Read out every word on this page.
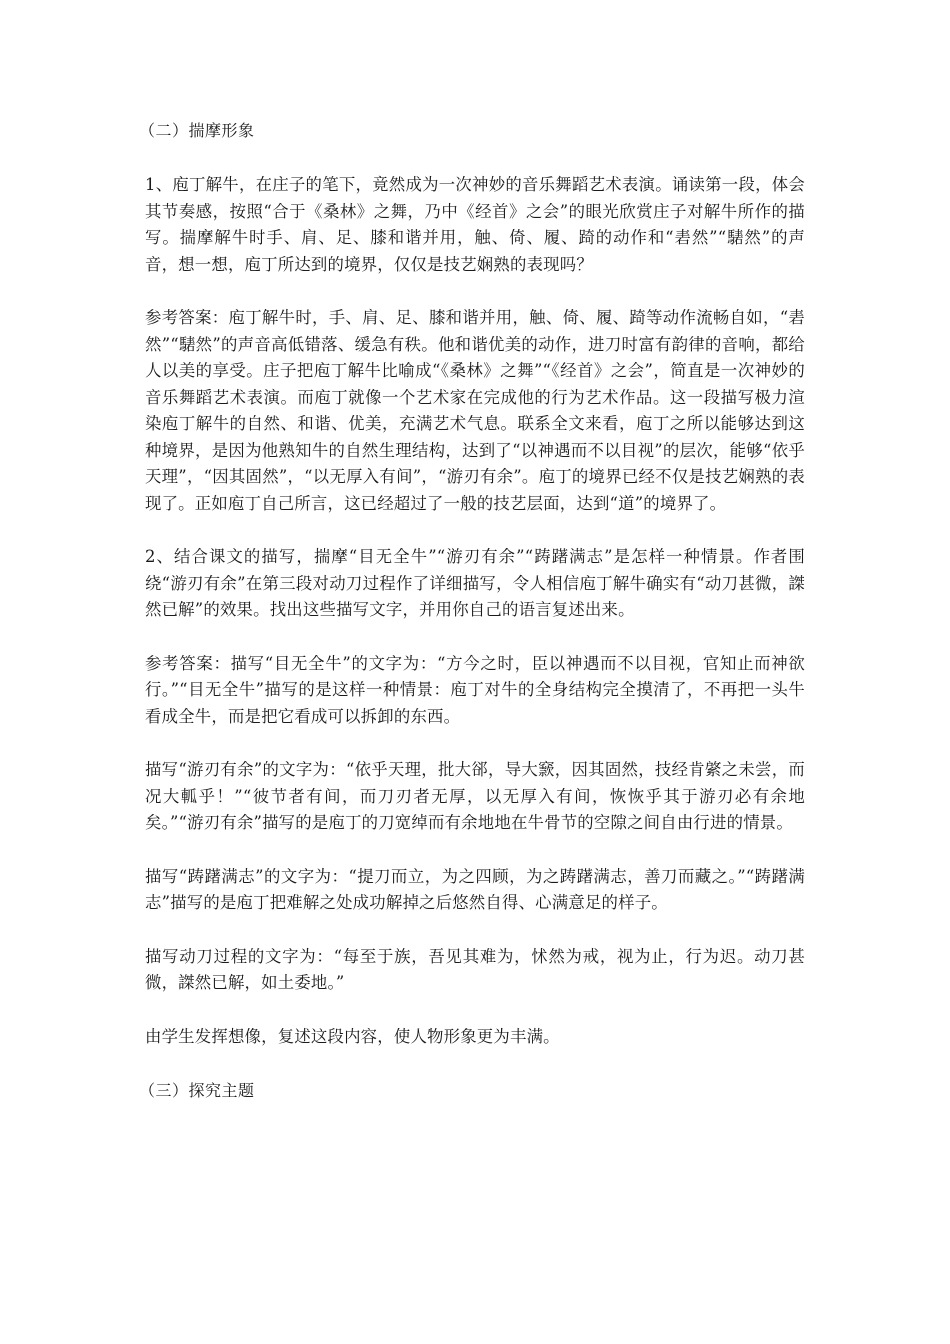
（二）揣摩形象

1、庖丁解牛，在庄子的笔下，竟然成为一次神妙的音乐舞蹈艺术表演。诵读第一段，体会其节奏感，按照“合于《桑林》之舞，乃中《经首》之会”的眼光欣赏庄子对解牛所作的描写。揣摩解牛时手、肩、足、膝和谐并用，触、倚、履、踦的动作和“砉然”“騞然”的声音，想一想，庖丁所达到的境界，仅仅是技艺娴熟的表现吗？

参考答案：庖丁解牛时，手、肩、足、膝和谐并用，触、倚、履、踦等动作流畅自如，“砉然”“騞然”的声音高低错落、缓急有秩。他和谐优美的动作，进刀时富有韵律的音响，都给人以美的享受。庄子把庖丁解牛比喻成“《桑林》之舞”“《经首》之会”，简直是一次神妙的音乐舞蹈艺术表演。而庖丁就像一个艺术家在完成他的行为艺术作品。这一段描写极力渲染庖丁解牛的自然、和谐、优美，充满艺术气息。联系全文来看，庖丁之所以能够达到这种境界，是因为他熟知牛的自然生理结构，达到了“以神遇而不以目视”的层次，能够“依乎天理”，“因其固然”，“以无厚入有间”，“游刃有余”。庖丁的境界已经不仅是技艺娴熟的表现了。正如庖丁自己所言，这已经超过了一般的技艺层面，达到“道”的境界了。

2、结合课文的描写，揣摩“目无全牛”“游刃有余”“踌躇满志”是怎样一种情景。作者围绕“游刃有余”在第三段对动刀过程作了详细描写，令人相信庖丁解牛确实有“动刀甚微，謋然已解”的效果。找出这些描写文字，并用你自己的语言复述出来。

参考答案：描写“目无全牛”的文字为：“方今之时，臣以神遇而不以目视，官知止而神欲行。”“目无全牛”描写的是这样一种情景：庖丁对牛的全身结构完全摸清了，不再把一头牛看成全牛，而是把它看成可以拆卸的东西。

描写“游刃有余”的文字为：“依乎天理，批大郤，导大窾，因其固然，技经肯綮之未尝，而况大軱乎！”“彼节者有间，而刀刃者无厚，以无厚入有间，恢恢乎其于游刃必有余地矣。”“游刃有余”描写的是庖丁的刀宽绰而有余地地在牛骨节的空隙之间自由行进的情景。

描写“踌躇满志”的文字为：“提刀而立，为之四顾，为之踌躇满志，善刀而藏之。”“踌躇满志”描写的是庖丁把难解之处成功解掉之后悠然自得、心满意足的样子。

描写动刀过程的文字为：“每至于族，吾见其难为，怵然为戒，视为止，行为迟。动刀甚微，謋然已解，如土委地。”

由学生发挥想像，复述这段内容，使人物形象更为丰满。

（三）探究主题
